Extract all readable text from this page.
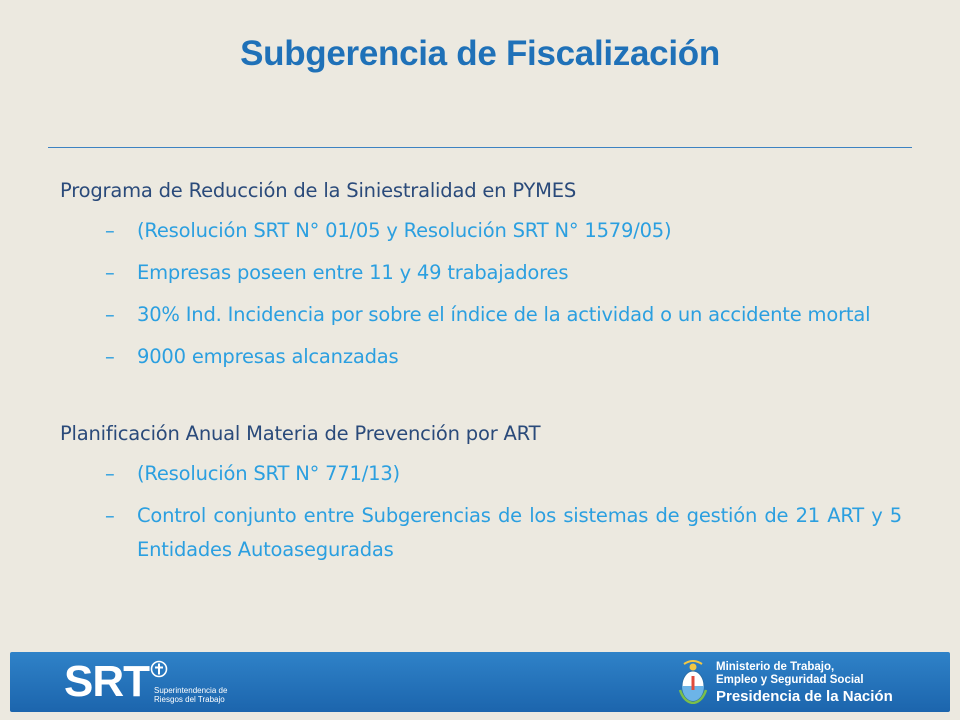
Subgerencia de Fiscalización

Programa de Reducción de la Siniestralidad en PYMES

– (Resolución SRT N° 01/05 y Resolución SRT N° 1579/05)
– Empresas poseen entre 11 y 49 trabajadores
– 30% Ind. Incidencia por sobre el índice de la actividad o un accidente mortal
– 9000 empresas alcanzadas

Planificación Anual Materia de Prevención por ART

– (Resolución SRT N° 771/13)
– Control conjunto entre Subgerencias de los sistemas de gestión de 21 ART y 5 Entidades Autoaseguradas
SRT Superintendencia de
Riesgos del Trabajo
Ministerio de Trabajo,
Empleo y Seguridad Social
Presidencia de la Nación
